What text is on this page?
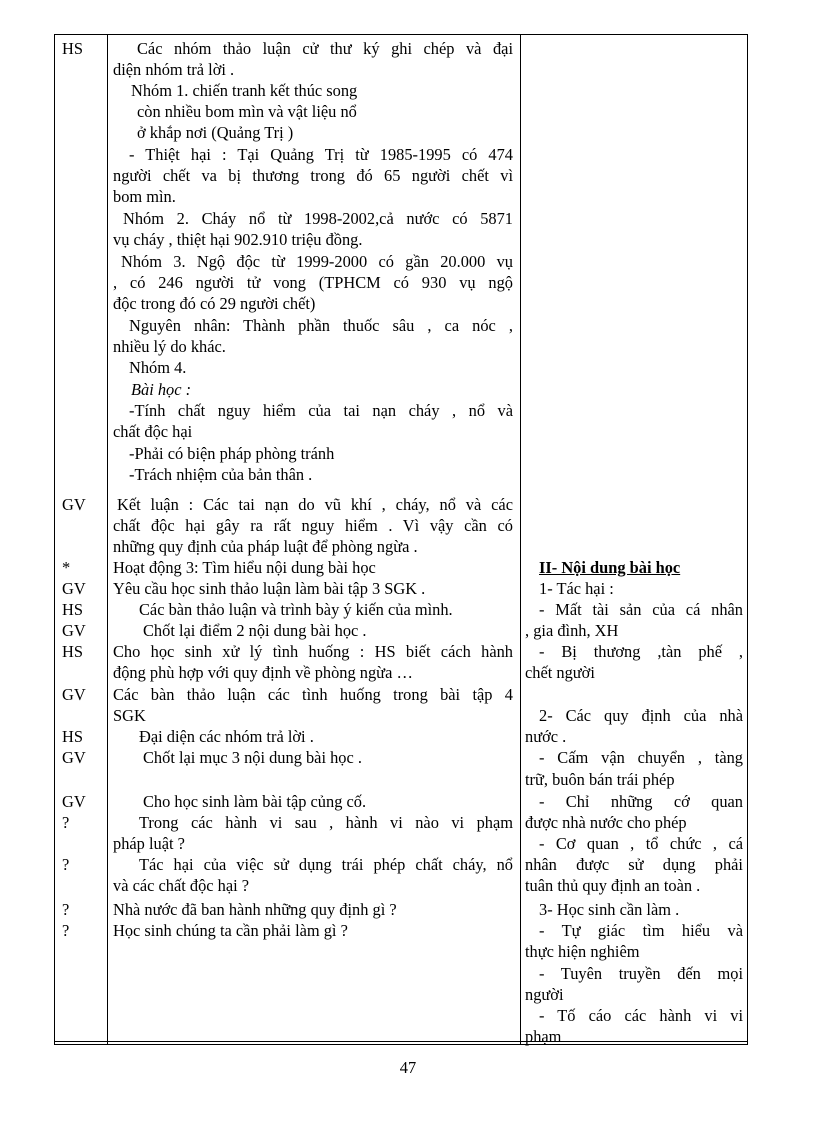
HS
GV
*
GV
HS
GV
HS
GV
HS
GV
GV
?
?
?
?
Các nhóm thảo luận cử thư ký ghi chép và đại
diện nhóm trả lời .
Nhóm 1. chiến tranh kết thúc song
còn nhiều bom mìn và vật liệu nổ
ở khắp nơi (Quảng Trị )
- Thiệt hại : Tại Quảng Trị từ 1985-1995 có 474
người chết va bị thương trong đó 65 người chết vì
bom mìn.
Nhóm 2. Cháy nổ từ 1998-2002,cả nước có 5871
vụ cháy , thiệt hại 902.910 triệu đồng.
Nhóm 3. Ngộ độc từ 1999-2000 có gần 20.000 vụ
, có 246 người tử vong (TPHCM có 930 vụ ngộ
độc trong đó có 29 người chết)
Nguyên nhân: Thành phần thuốc sâu , ca nóc ,
nhiều lý do khác.
Nhóm 4.
Bài học :
-Tính chất nguy hiểm của tai nạn cháy , nổ và
chất độc hại
-Phải có biện pháp phòng tránh
-Trách nhiệm của bản thân .
Kết luận : Các tai nạn do vũ khí , cháy, nổ và các
chất độc hại gây ra rất nguy hiểm . Vì vậy cần có
những quy định của pháp luật để phòng ngừa .
Hoạt động 3: Tìm hiểu nội dung bài học
Yêu cầu học sinh thảo luận làm bài tập 3 SGK .
Các bàn thảo luận và trình bày ý kiến của mình.
Chốt lại điểm 2 nội dung bài học .
Cho học sinh xử lý tình huống : HS biết cách hành
động phù hợp với quy định về phòng ngừa …
Các bàn thảo luận các tình huống trong bài tập 4
SGK
Đại diện các nhóm trả lời .
Chốt lại mục 3 nội dung bài học .
Cho học sinh làm bài tập củng cố.
Trong các hành vi sau , hành vi nào vi phạm
pháp luật ?
Tác hại của việc sử dụng trái phép chất cháy, nổ
và các chất độc hại ?
Nhà nước đã ban hành những quy định gì ?
Học sinh chúng ta cần phải làm gì ?
II- Nội dung bài học
1- Tác hại :
- Mất tài sản của cá nhân
, gia đình, XH
- Bị thương ,tàn phế ,
chết người
2- Các quy định của nhà
nước .
- Cấm vận chuyển , tàng
trữ, buôn bán trái phép
- Chỉ những cớ quan
được nhà nước cho phép
- Cơ quan , tổ chức , cá
nhân được sử dụng phải
tuân thủ quy định an toàn .
3- Học sinh cần làm .
- Tự giác tìm hiểu và
thực hiện nghiêm
- Tuyên truyền đến mọi
người
- Tố cáo các hành vi vi
phạm
47
